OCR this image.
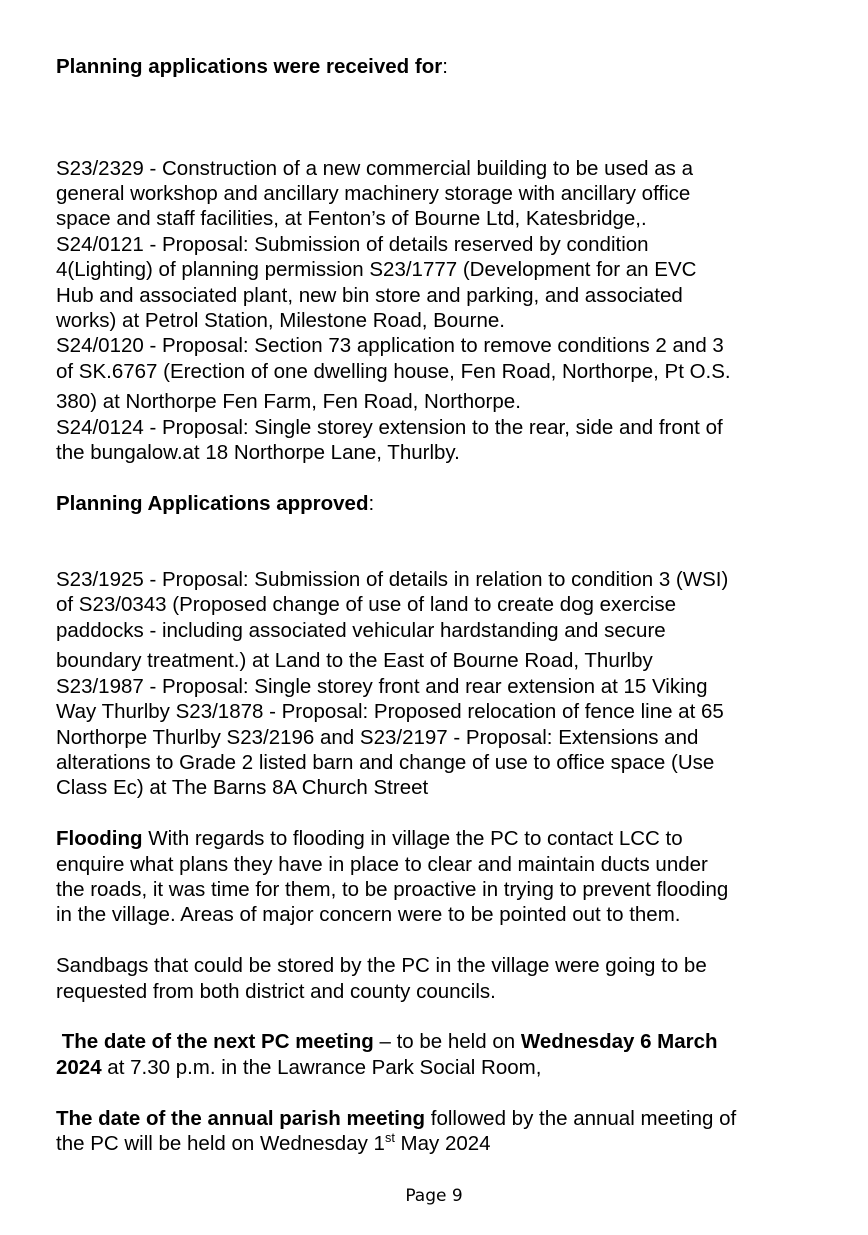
Planning applications were received for:
S23/2329 - Construction of a new commercial building to be used as a
general workshop and ancillary machinery storage with ancillary office
space and staff facilities, at Fenton’s of Bourne Ltd, Katesbridge,.
S24/0121 - Proposal: Submission of details reserved by condition
4(Lighting) of planning permission S23/1777 (Development for an EVC
Hub and associated plant, new bin store and parking, and associated
works) at Petrol Station, Milestone Road, Bourne.
S24/0120 - Proposal: Section 73 application to remove conditions 2 and 3
of SK.6767 (Erection of one dwelling house, Fen Road, Northorpe, Pt O.S.
380) at Northorpe Fen Farm, Fen Road, Northorpe.
S24/0124 - Proposal: Single storey extension to the rear, side and front of
the bungalow.at 18 Northorpe Lane, Thurlby.
Planning Applications approved:
S23/1925 - Proposal: Submission of details in relation to condition 3 (WSI)
of S23/0343 (Proposed change of use of land to create dog exercise
paddocks - including associated vehicular hardstanding and secure
boundary treatment.) at Land to the East of Bourne Road, Thurlby
S23/1987 - Proposal: Single storey front and rear extension at 15 Viking
Way Thurlby S23/1878 - Proposal: Proposed relocation of fence line at 65
Northorpe Thurlby S23/2196 and S23/2197 - Proposal: Extensions and
alterations to Grade 2 listed barn and change of use to office space (Use
Class Ec) at The Barns 8A Church Street
Flooding With regards to flooding in village the PC to contact LCC to
enquire what plans they have in place to clear and maintain ducts under
the roads, it was time for them, to be proactive in trying to prevent flooding
in the village. Areas of major concern were to be pointed out to them.
Sandbags that could be stored by the PC in the village were going to be
requested from both district and county councils.
The date of the next PC meeting – to be held on Wednesday 6 March
2024 at 7.30 p.m. in the Lawrance Park Social Room,
The date of the annual parish meeting followed by the annual meeting of
the PC will be held on Wednesday 1st May 2024
Page 9
